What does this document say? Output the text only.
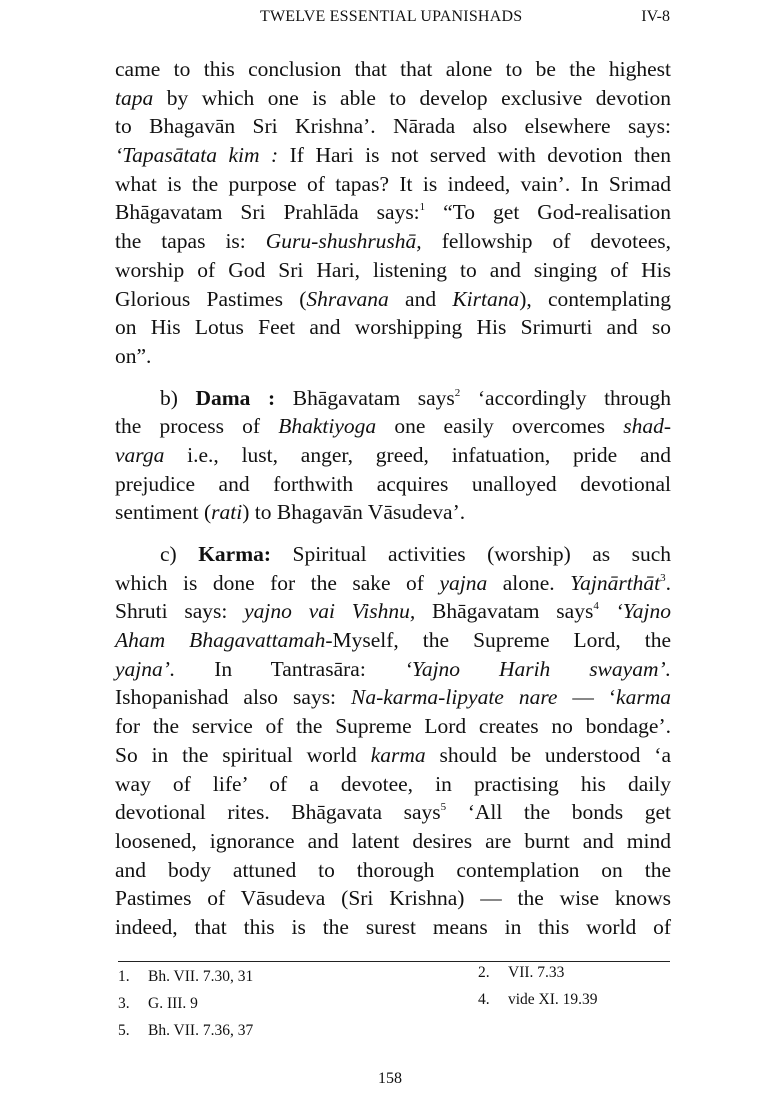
TWELVE ESSENTIAL UPANISHADS	IV-8
came to this conclusion that that alone to be the highest
tapa by which one is able to develop exclusive devotion
to Bhagavān Sri Krishna’. Nārada also elsewhere says:
‘Tapasātata kim : If Hari is not served with devotion then
what is the purpose of tapas? It is indeed, vain’. In Srimad
Bhāgavatam Sri Prahlāda says:$^1$ “To get God-realisation
the tapas is: Guru-shushrushā, fellowship of devotees,
worship of God Sri Hari, listening to and singing of His
Glorious Pastimes (Shravana and Kirtana), contemplating
on His Lotus Feet and worshipping His Srimurti and so
on”.
b) Dama : Bhāgavatam says$^2$ ‘accordingly through
the process of Bhaktiyoga one easily overcomes shad-
varga i.e., lust, anger, greed, infatuation, pride and
prejudice and forthwith acquires unalloyed devotional
sentiment (rati) to Bhagavān Vāsudeva’.
c) Karma: Spiritual activities (worship) as such
which is done for the sake of yajna alone. Yajnārthāt$^3$.
Shruti says: yajno vai Vishnu, Bhāgavatam says$^4$ ‘Yajno
Aham Bhagavattamah-Myself, the Supreme Lord, the
yajna’. In Tantrasāra: ‘Yajno Harih swayam’.
Ishopanishad also says: Na-karma-lipyate nare — ‘karma
for the service of the Supreme Lord creates no bondage’.
So in the spiritual world karma should be understood ‘a
way of life’ of a devotee, in practising his daily
devotional rites. Bhāgavata says$^5$ ‘All the bonds get
loosened, ignorance and latent desires are burnt and mind
and body attuned to thorough contemplation on the
Pastimes of Vāsudeva (Sri Krishna) — the wise knows
indeed, that this is the surest means in this world of
1. Bh. VII. 7.30, 31	2. VII. 7.33
3. G. III. 9	4. vide XI. 19.39
5. Bh. VII. 7.36, 37
158
